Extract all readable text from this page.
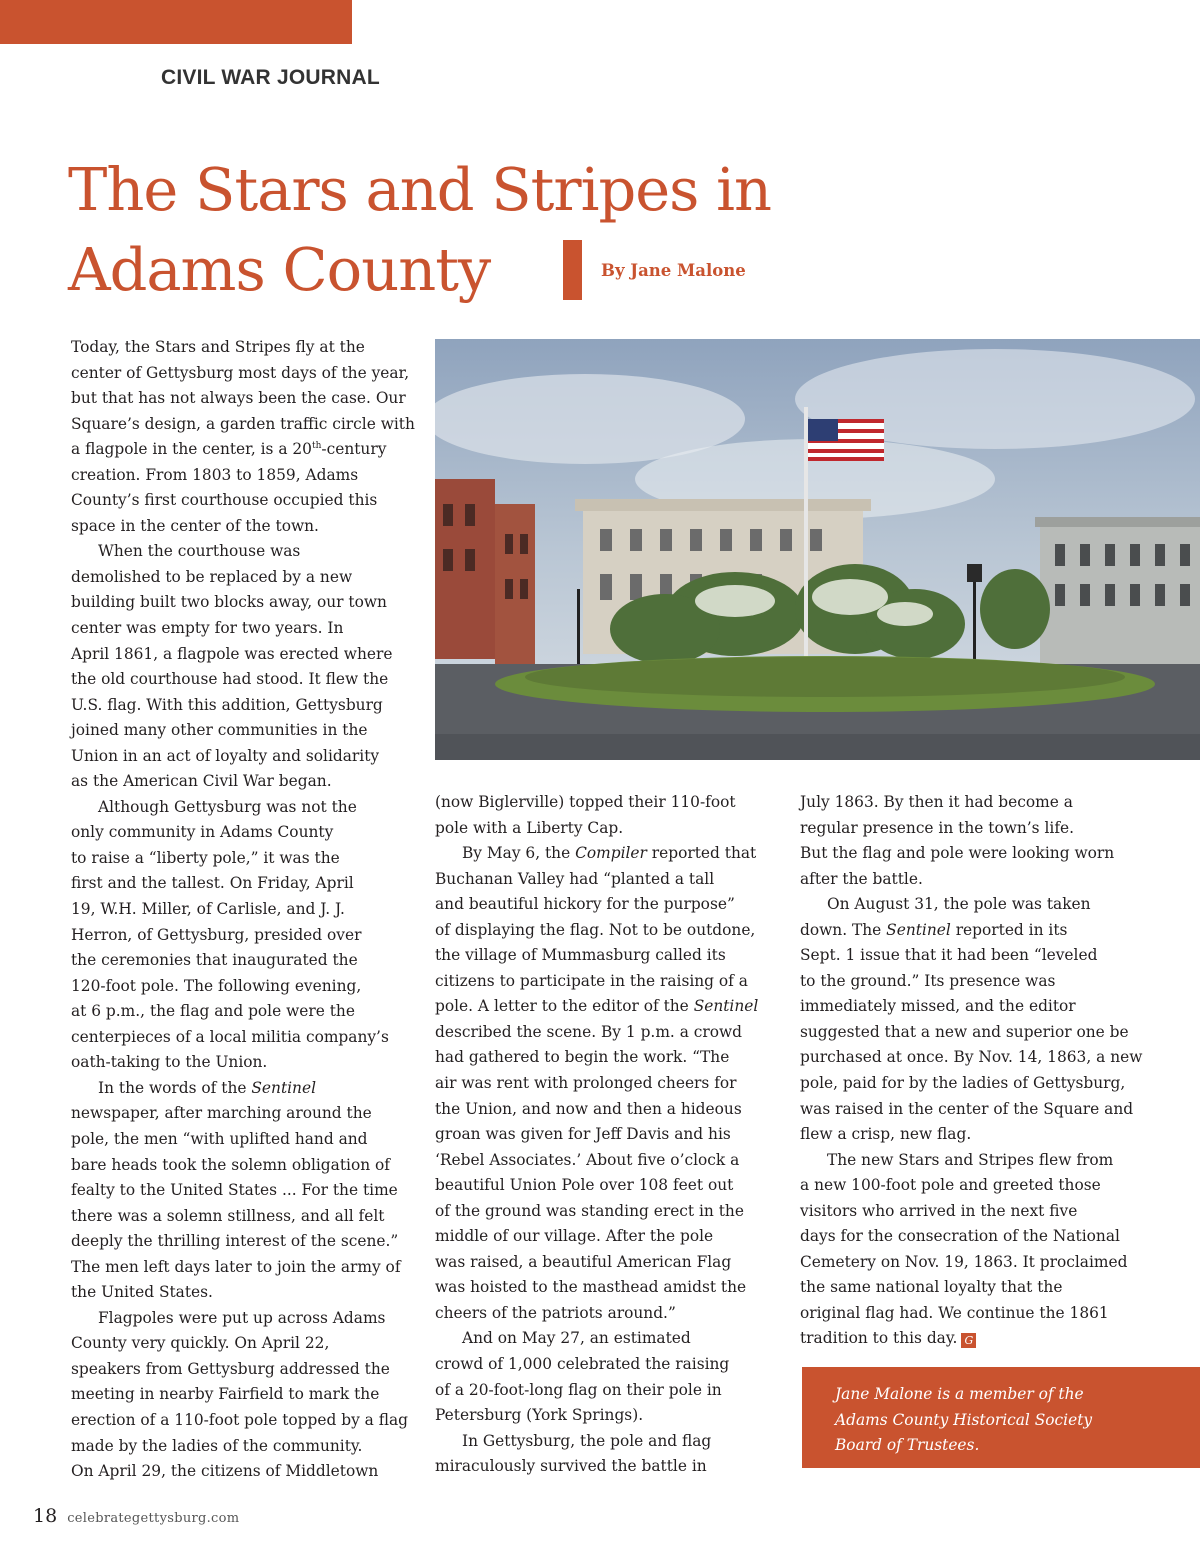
CIVIL WAR JOURNAL
The Stars and Stripes in
Adams County	By Jane Malone

Today, the Stars and Stripes fly at the

center of Gettysburg most days of the year,

but that has not always been the case. Our

Square’s design, a garden traffic circle with

a flagpole in the center, is a 20th-century

creation. From 1803 to 1859, Adams

County’s first courthouse occupied this

space in the center of the town.

When the courthouse was

demolished to be replaced by a new

building built two blocks away, our town

center was empty for two years. In

April 1861, a flagpole was erected where

the old courthouse had stood. It flew the

U.S. flag. With this addition, Gettysburg

joined many other communities in the

Union in an act of loyalty and solidarity

as the American Civil War began.

Although Gettysburg was not the

only community in Adams County

to raise a “liberty pole,” it was the

first and the tallest. On Friday, April

19, W.H. Miller, of Carlisle, and J. J.

Herron, of Gettysburg, presided over

the ceremonies that inaugurated the

120-foot pole. The following evening,

at 6 p.m., the flag and pole were the

centerpieces of a local militia company’s

oath-taking to the Union.

In the words of the Sentinel

newspaper, after marching around the

pole, the men “with uplifted hand and

bare heads took the solemn obligation of

fealty to the United States ... For the time

there was a solemn stillness, and all felt

deeply the thrilling interest of the scene.”

The men left days later to join the army of

the United States.

Flagpoles were put up across Adams

County very quickly. On April 22,

speakers from Gettysburg addressed the

meeting in nearby Fairfield to mark the

erection of a 110-foot pole topped by a flag

made by the ladies of the community.

On April 29, the citizens of Middletown

(now Biglerville) topped their 110-foot

pole with a Liberty Cap.

By May 6, the Compiler reported that

Buchanan Valley had “planted a tall

and beautiful hickory for the purpose”

of displaying the flag. Not to be outdone,

the village of Mummasburg called its

citizens to participate in the raising of a

pole. A letter to the editor of the Sentinel

described the scene. By 1 p.m. a crowd

had gathered to begin the work. “The

air was rent with prolonged cheers for

the Union, and now and then a hideous

groan was given for Jeff Davis and his

‘Rebel Associates.’ About five o’clock a

beautiful Union Pole over 108 feet out

of the ground was standing erect in the

middle of our village. After the pole

was raised, a beautiful American Flag

was hoisted to the masthead amidst the

cheers of the patriots around.”

And on May 27, an estimated

crowd of 1,000 celebrated the raising

of a 20-foot-long flag on their pole in

Petersburg (York Springs).

In Gettysburg, the pole and flag

miraculously survived the battle in

July 1863. By then it had become a

regular presence in the town’s life.

But the flag and pole were looking worn

after the battle.

On August 31, the pole was taken

down. The Sentinel reported in its

Sept. 1 issue that it had been “leveled

to the ground.” Its presence was

immediately missed, and the editor

suggested that a new and superior one be

purchased at once. By Nov. 14, 1863, a new

pole, paid for by the ladies of Gettysburg,

was raised in the center of the Square and

flew a crisp, new flag.

The new Stars and Stripes flew from

a new 100-foot pole and greeted those

visitors who arrived in the next five

days for the consecration of the National

Cemetery on Nov. 19, 1863. It proclaimed

the same national loyalty that the

original flag had. We continue the 1861

tradition to this day. G

Jane Malone is a member of the
Adams County Historical Society
Board of Trustees.

18 celebrategettysburg.com
